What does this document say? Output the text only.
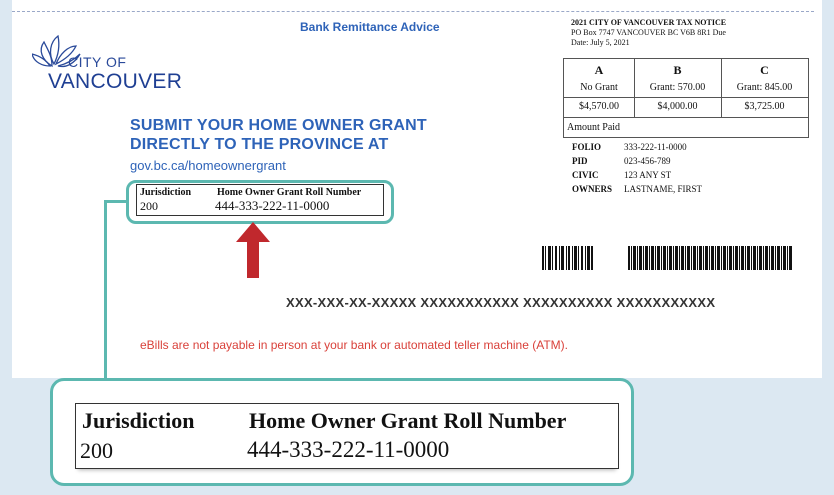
CITY OF
VANCOUVER
Bank Remittance Advice	2021 CITY OF VANCOUVER TAX NOTICE
PO Box 7747 VANCOUVER BC V6B 8R1 Due
Date: July 5, 2021
A	B	C
No Grant	Grant: 570.00	Grant: 845.00
$4,570.00	$4,000.00	$3,725.00
Amount Paid
FOLIO	333-222-11-0000
PID	023-456-789
CIVIC	123 ANY ST
OWNERS LASTNAME, FIRST
SUBMIT YOUR HOME OWNER GRANT
DIRECTLY TO THE PROVINCE AT
gov.bc.ca/homeownergrant
Jurisdiction	Home Owner Grant Roll Number
200	444-333-222-11-0000
XXX-XXX-XX-XXXXX XXXXXXXXXXX XXXXXXXXXX XXXXXXXXXXX
eBills are not payable in person at your bank or automated teller machine (ATM).
Jurisdiction Home Owner Grant Roll Number
200	444-333-222-11-0000
